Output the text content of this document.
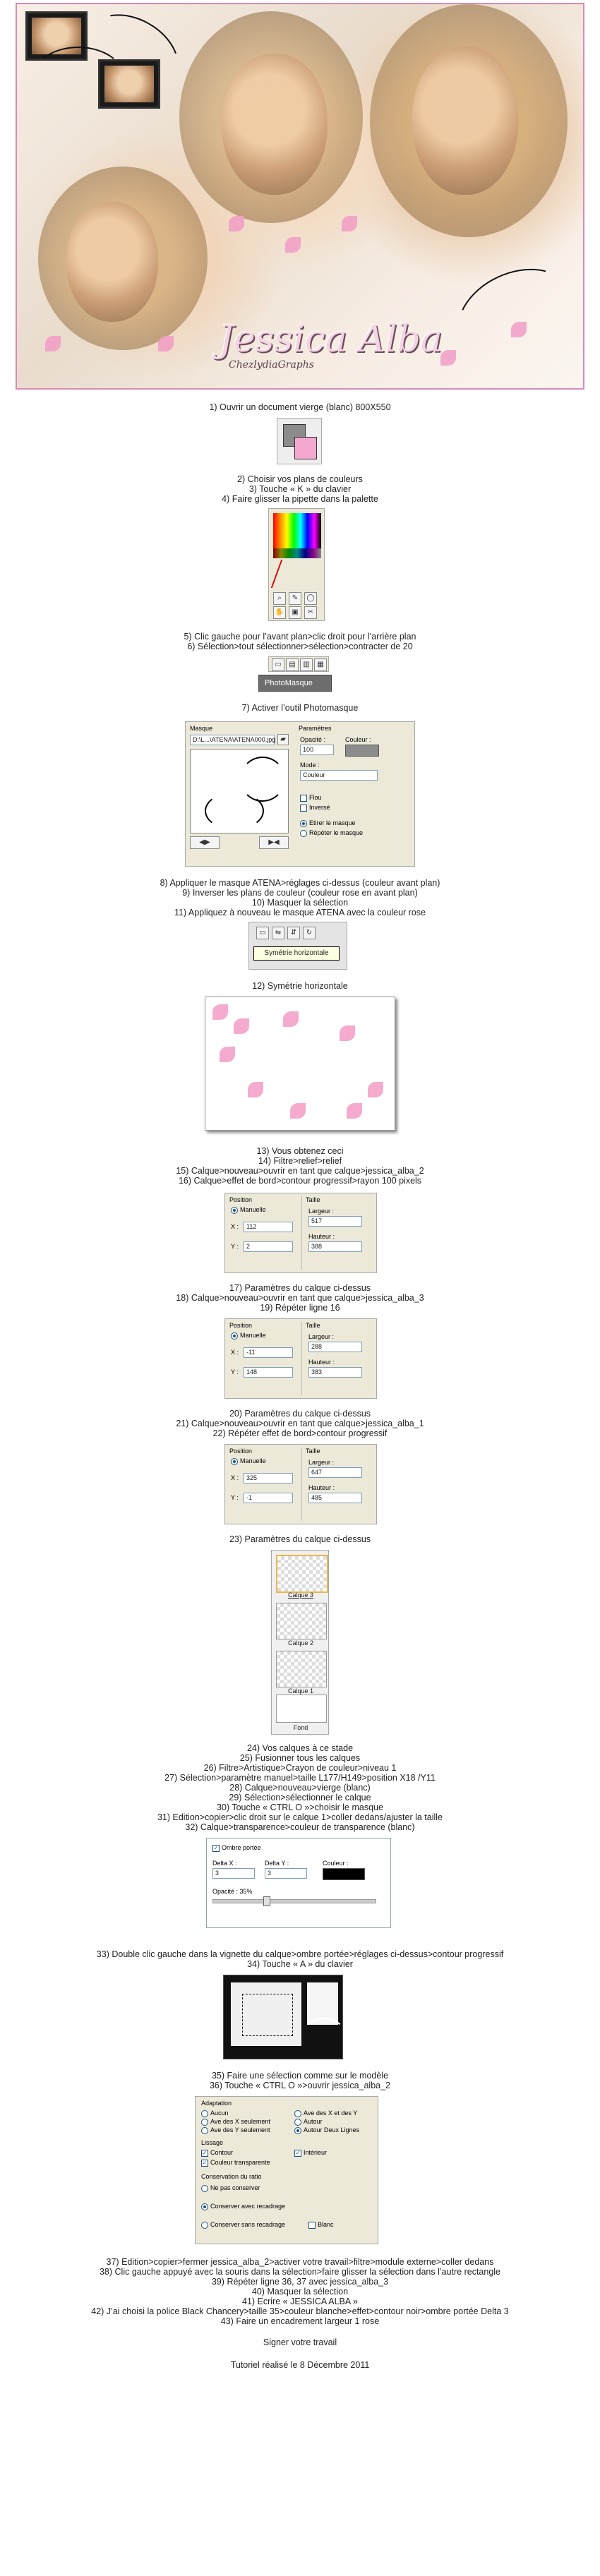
Jessica Alba
ChezlydiaGraphs
1) Ouvrir un document vierge (blanc) 800X550
2) Choisir vos plans de couleurs
3) Touche « K » du clavier
4) Faire glisser la pipette dans la palette
⌕	✎	◯
✋	▣	✂
5) Clic gauche pour l’avant plan>clic droit pour l’arrière plan
6) Sélection>tout sélectionner>sélection>contracter de 20
▭	▤	▥	▦
PhotoMasque
7) Activer l’outil Photomasque
Masque
D:\L...\ATENA\ATENA000.jpg ▰
◀▶	▶◀
Paramètres
Opacité :
100
Couleur :
Mode :
Couleur
Flou
Inversé
Etirer le masque
Répéter le masque
8) Appliquer le masque ATENA>réglages ci-dessus (couleur avant plan)
9) Inverser les plans de couleur (couleur rose en avant plan)
10) Masquer la sélection
11) Appliquez à nouveau le masque ATENA avec la couleur rose
▭	⇋	⇵	↻
Symétrie horizontale
12) Symétrie horizontale
13) Vous obtenez ceci
14) Filtre>relief>relief
15) Calque>nouveau>ouvrir en tant que calque>jessica_alba_2
16) Calque>effet de bord>contour progressif>rayon 100 pixels
Position
Manuelle
X :	112
Y :	2
Taille
Largeur :
517
Hauteur :
388
17) Paramètres du calque ci-dessus
18) Calque>nouveau>ouvrir en tant que calque>jessica_alba_3
19) Répéter ligne 16
Position
Manuelle
X :	-11
Y :	148
Taille
Largeur :
288
Hauteur :
383
20) Paramètres du calque ci-dessus
21) Calque>nouveau>ouvrir en tant que calque>jessica_alba_1
22) Répéter effet de bord>contour progressif
Position
Manuelle
X :	325
Y :	-1
Taille
Largeur :
647
Hauteur :
485
23) Paramètres du calque ci-dessus
Calque 3
Calque 2
Calque 1
Fond
24) Vos calques à ce stade
25) Fusionner tous les calques
26) Filtre>Artistique>Crayon de couleur>niveau 1
27) Sélection>paramètre manuel>taille L177/H149>position X18 /Y11
28) Calque>nouveau>vierge (blanc)
29) Sélection>sélectionner le calque
30) Touche « CTRL O »>choisir le masque
31) Edition>copier>clic droit sur le calque 1>coller dedans/ajuster la taille
32) Calque>transparence>couleur de transparence (blanc)
✓ Ombre portée
Delta X :
3
Delta Y :
3
Couleur :
Opacité : 35%
33) Double clic gauche dans la vignette du calque>ombre portée>réglages ci-dessus>contour progressif
34) Touche « A » du clavier
35) Faire une sélection comme sur le modèle
36) Touche « CTRL O »>ouvrir jessica_alba_2
Adaptation
Aucun
Ave des X seulement
Ave des Y seulement
Ave des X et des Y
Autour
Autour Deux Lignes
Lissage
✓ Contour	✓ Intérieur
✓ Couleur transparente
Conservation du ratio
Ne pas conserver
Conserver avec recadrage
Conserver sans recadrage	Blanc
37) Edition>copier>fermer jessica_alba_2>activer votre travail>filtre>module externe>coller dedans
38) Clic gauche appuyé avec la souris dans la sélection>faire glisser la sélection dans l’autre rectangle
39) Répéter ligne 36, 37 avec jessica_alba_3
40) Masquer la sélection
41) Ecrire « JESSICA ALBA »
42) J’ai choisi la police Black Chancery>taille 35>couleur blanche>effet>contour noir>ombre portée Delta 3
43) Faire un encadrement largeur 1 rose
Signer votre travail
Tutoriel réalisé le 8 Décembre 2011
